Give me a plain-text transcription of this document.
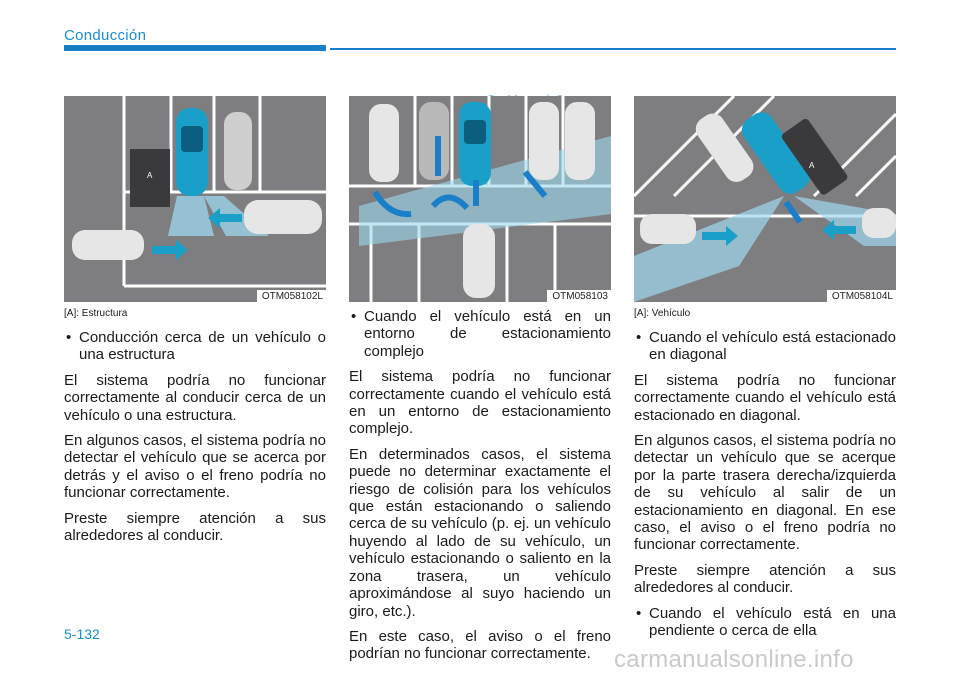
Conducción
A
OTM058102L	OTM058103
A
OTM058104L
[A]: Estructura
• Conducción cerca de un vehículo o una estructura

El sistema podría no funcionar correctamente al conducir cerca de un vehículo o una estructura.

En algunos casos, el sistema podría no detectar el vehículo que se acerca por detrás y el aviso o el freno podría no funcionar correctamente.

Preste siempre atención a sus alrededores al conducir.

• Cuando el vehículo está en un entorno de estacionamiento complejo

El sistema podría no funcionar correctamente cuando el vehículo está en un entorno de estacionamiento complejo.

En determinados casos, el sistema puede no determinar exactamente el riesgo de colisión para los vehículos que están estacionando o saliendo cerca de su vehículo (p. ej. un vehículo huyendo al lado de su vehículo, un vehículo estacionando o saliento en la zona trasera, un vehículo aproximándose al suyo haciendo un giro, etc.).

En este caso, el aviso o el freno podrían no funcionar correctamente.

[A]: Vehículo
• Cuando el vehículo está estacionado en diagonal

El sistema podría no funcionar correctamente cuando el vehículo está estacionado en diagonal.

En algunos casos, el sistema podría no detectar un vehículo que se acerque por la parte trasera derecha/izquierda de su vehículo al salir de un estacionamiento en diagonal. En ese caso, el aviso o el freno podría no funcionar correctamente.

Preste siempre atención a sus alrededores al conducir.

• Cuando el vehículo está en una pendiente o cerca de ella
5-132
carmanualsonline.info
